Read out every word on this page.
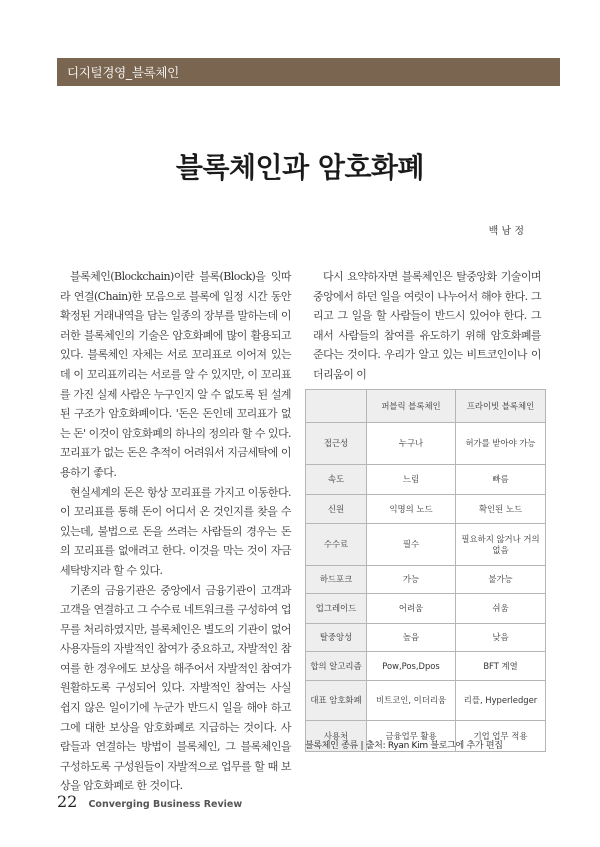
디지털경영_블록체인
블록체인과 암호화폐
백 남 정

블록체인(Blockchain)이란 블록(Block)을 잇따라 연결(Chain)한 모음으로 블록에 일정 시간 동안 확정된 거래내역을 담는 일종의 장부를 말하는데 이러한 블록체인의 기술은 암호화폐에 많이 활용되고 있다. 블록체인 자체는 서로 꼬리표로 이어져 있는데 이 꼬리표끼리는 서로를 알 수 있지만, 이 꼬리표를 가진 실제 사람은 누구인지 알 수 없도록 된 설계된 구조가 암호화폐이다. '돈은 돈인데 꼬리표가 없는 돈' 이것이 암호화폐의 하나의 정의라 할 수 있다. 꼬리표가 없는 돈은 추적이 어려워서 지금세탁에 이용하기 좋다.

현실세계의 돈은 항상 꼬리표를 가지고 이동한다. 이 꼬리표를 통해 돈이 어디서 온 것인지를 찾을 수 있는데, 불법으로 돈을 쓰려는 사람들의 경우는 돈의 꼬리표를 없애려고 한다. 이것을 막는 것이 자금세탁방지라 할 수 있다.

기존의 금융기관은 중앙에서 금융기관이 고객과 고객을 연결하고 그 수수료 네트워크를 구성하여 업무를 처리하였지만, 블록체인은 별도의 기관이 없어 사용자들의 자발적인 참여가 중요하고, 자발적인 참여를 한 경우에도 보상을 해주어서 자발적인 참여가 원활하도록 구성되어 있다. 자발적인 참여는 사실 쉽지 않은 일이기에 누군가 반드시 일을 해야 하고 그에 대한 보상을 암호화폐로 지급하는 것이다. 사람들과 연결하는 방법이 블록체인, 그 블록체인을 구성하도록 구성원들이 자발적으로 업무를 할 때 보상을 암호화폐로 한 것이다.

다시 요약하자면 블록체인은 탈중앙화 기술이며 중앙에서 하던 일을 여럿이 나누어서 해야 한다. 그리고 그 일을 할 사람들이 반드시 있어야 한다. 그래서 사람들의 참여를 유도하기 위해 암호화폐를 준다는 것이다. 우리가 알고 있는 비트코인이나 이더리움이 이

	퍼블릭 블록체인	프라이빗 블록체인
접근성	누구나	허가를 받아야 가능
속도	느림	빠름
신원	익명의 노드	확인된 노드
수수료	필수	필요하지 않거나 거의 없음
하드포크	가능	불가능
업그레이드	어려움	쉬움
탈중앙성	높음	낮음
합의 알고리즘	Pow,Pos,Dpos	BFT 계열
대표 암호화폐	비트코인, 이더리움	리플, Hyperledger
사용처	금융업무 활용	기업 업무 적용
블록체인 종류 | 출처: Ryan Kim 블로그에 추가 편집
22 Converging Business Review
